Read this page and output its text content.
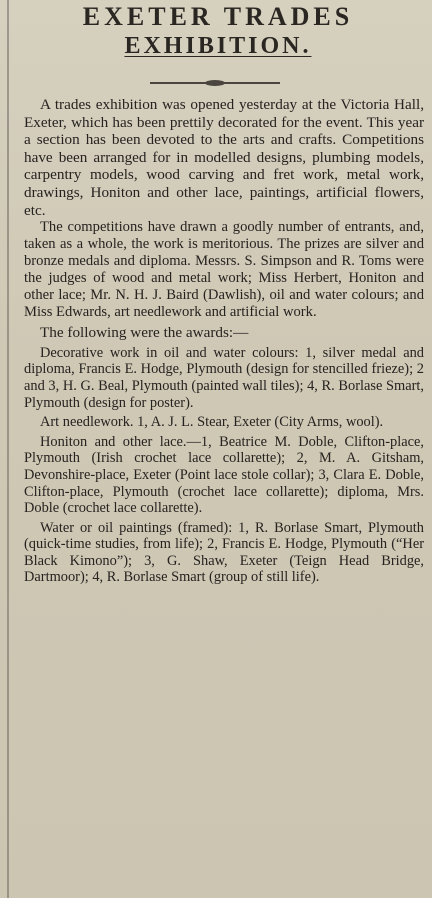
EXETER TRADES
EXHIBITION.

A trades exhibition was opened yesterday at the Victoria Hall, Exeter, which has been prettily decorated for the event. This year a section has been devoted to the arts and crafts. Competitions have been arranged for in modelled designs, plumbing models, carpentry models, wood carving and fret work, metal work, drawings, Honiton and other lace, paintings, artificial flowers, etc.

The competitions have drawn a goodly number of entrants, and, taken as a whole, the work is meritorious. The prizes are silver and bronze medals and diploma. Messrs. S. Simpson and R. Toms were the judges of wood and metal work; Miss Herbert, Honiton and other lace; Mr. N. H. J. Baird (Dawlish), oil and water colours; and Miss Edwards, art needlework and artificial work.

The following were the awards:—

Decorative work in oil and water colours: 1, silver medal and diploma, Francis E. Hodge, Plymouth (design for stencilled frieze); 2 and 3, H. G. Beal, Plymouth (painted wall tiles); 4, R. Borlase Smart, Plymouth (design for poster).

Art needlework. 1, A. J. L. Stear, Exeter (City Arms, wool).

Honiton and other lace.—1, Beatrice M. Doble, Clifton-place, Plymouth (Irish crochet lace collarette); 2, M. A. Gitsham, Devonshire-place, Exeter (Point lace stole collar); 3, Clara E. Doble, Clifton-place, Plymouth (crochet lace collarette); diploma, Mrs. Doble (crochet lace collarette).

Water or oil paintings (framed): 1, R. Borlase Smart, Plymouth (quick-time studies, from life); 2, Francis E. Hodge, Plymouth (“Her Black Kimono”); 3, G. Shaw, Exeter (Teign Head Bridge, Dartmoor); 4, R. Borlase Smart (group of still life).
